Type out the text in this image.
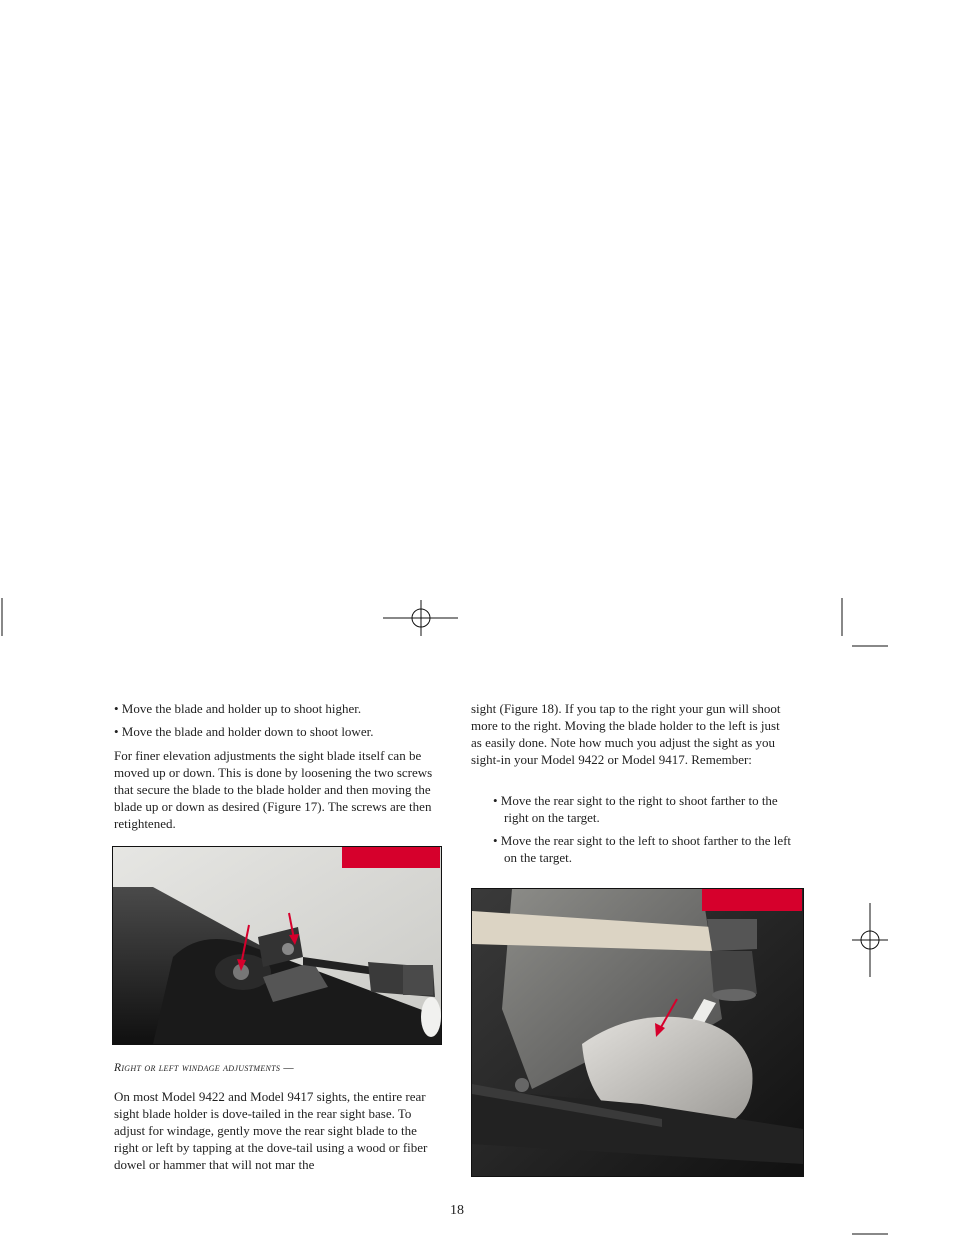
• Move the blade and holder up to shoot higher.
• Move the blade and holder down to shoot lower.
For finer elevation adjustments the sight blade itself can be moved up or down. This is done by loosening the two screws that secure the blade to the blade holder and then moving the blade up or down as desired (Figure 17). The screws are then retightened.
Right or left windage adjustments —
On most Model 9422 and Model 9417 sights, the entire rear sight blade holder is dove-tailed in the rear sight base. To adjust for windage, gently move the rear sight blade to the right or left by tapping at the dove-tail using a wood or fiber dowel or hammer that will not mar the
sight (Figure 18). If you tap to the right your gun will shoot more to the right. Moving the blade holder to the left is just as easily done. Note how much you adjust the sight as you sight-in your Model 9422 or Model 9417. Remember:
• Move the rear sight to the right to shoot farther to the right on the target.
• Move the rear sight to the left to shoot farther to the left on the target.
18
